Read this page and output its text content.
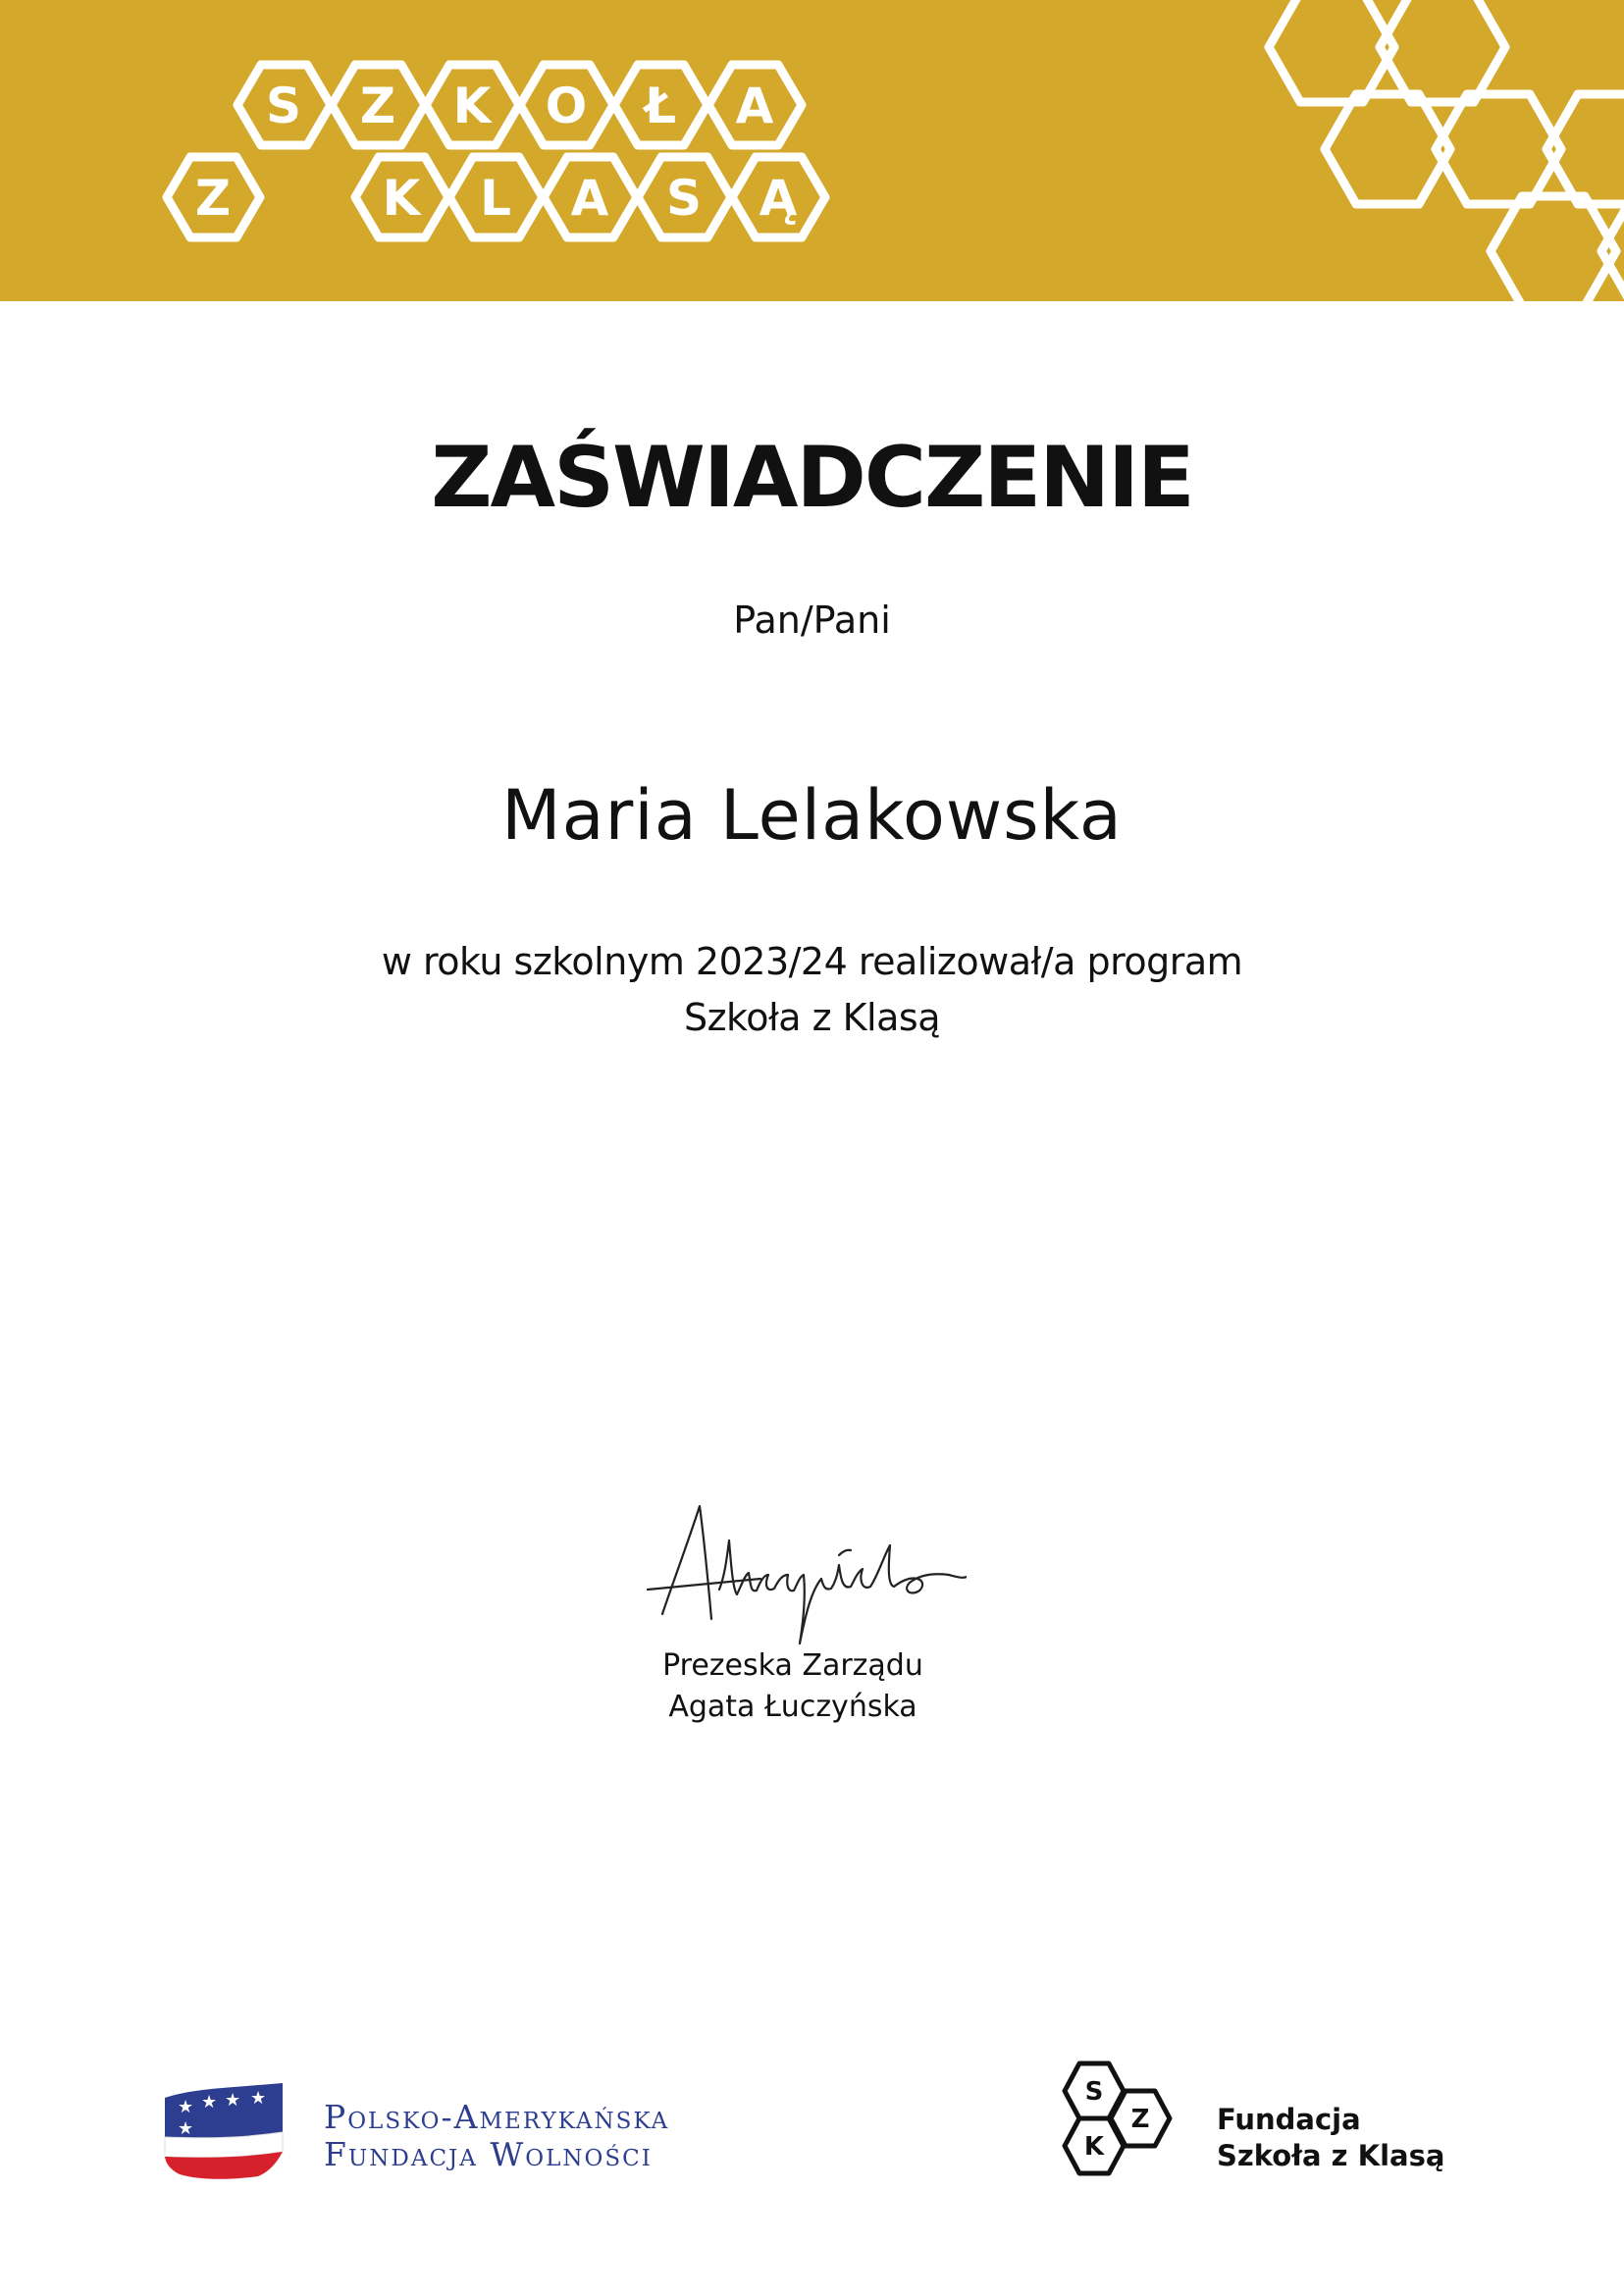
S Z K O Ł A
Z	K L A S Ą
ZAŚWIADCZENIE

Pan/Pani

Maria Lelakowska

w roku szkolnym 2023/24 realizował/a program

Szkoła z Klasą

Prezeska Zarządu

Agata Łuczyńska

★ ★ ★ ★
★	Polsko-Amerykańska

Fundacja Wolności

S
Z
K

Fundacja

Szkoła z Klasą
